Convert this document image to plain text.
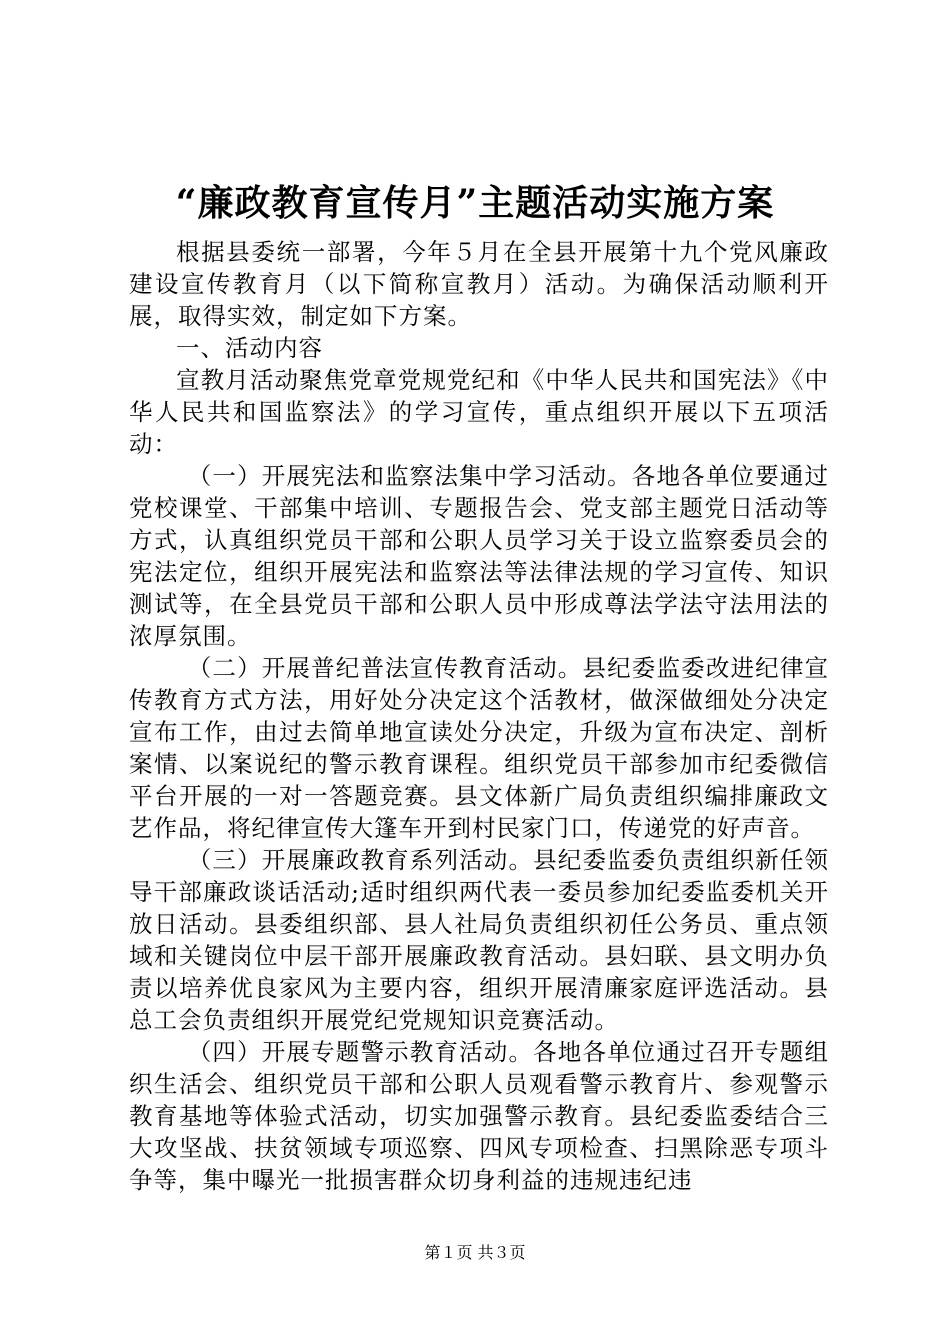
“廉政教育宣传月”主题活动实施方案

根据县委统一部署，今年５月在全县开展第十九个党风廉政建设宣传教育月（以下简称宣教月）活动。为确保活动顺利开展，取得实效，制定如下方案。

一、活动内容

宣教月活动聚焦党章党规党纪和《中华人民共和国宪法》《中华人民共和国监察法》的学习宣传，重点组织开展以下五项活动：

（一）开展宪法和监察法集中学习活动。各地各单位要通过党校课堂、干部集中培训、专题报告会、党支部主题党日活动等方式，认真组织党员干部和公职人员学习关于设立监察委员会的宪法定位，组织开展宪法和监察法等法律法规的学习宣传、知识测试等，在全县党员干部和公职人员中形成尊法学法守法用法的浓厚氛围。

（二）开展普纪普法宣传教育活动。县纪委监委改进纪律宣传教育方式方法，用好处分决定这个活教材，做深做细处分决定宣布工作，由过去简单地宣读处分决定，升级为宣布决定、剖析案情、以案说纪的警示教育课程。组织党员干部参加市纪委微信平台开展的一对一答题竞赛。县文体新广局负责组织编排廉政文艺作品，将纪律宣传大篷车开到村民家门口，传递党的好声音。

（三）开展廉政教育系列活动。县纪委监委负责组织新任领导干部廉政谈话活动;适时组织两代表一委员参加纪委监委机关开放日活动。县委组织部、县人社局负责组织初任公务员、重点领域和关键岗位中层干部开展廉政教育活动。县妇联、县文明办负责以培养优良家风为主要内容，组织开展清廉家庭评选活动。县总工会负责组织开展党纪党规知识竞赛活动。

（四）开展专题警示教育活动。各地各单位通过召开专题组织生活会、组织党员干部和公职人员观看警示教育片、参观警示教育基地等体验式活动，切实加强警示教育。县纪委监委结合三大攻坚战、扶贫领域专项巡察、四风专项检查、扫黑除恶专项斗争等，集中曝光一批损害群众切身利益的违规违纪违

第１页 共３页
